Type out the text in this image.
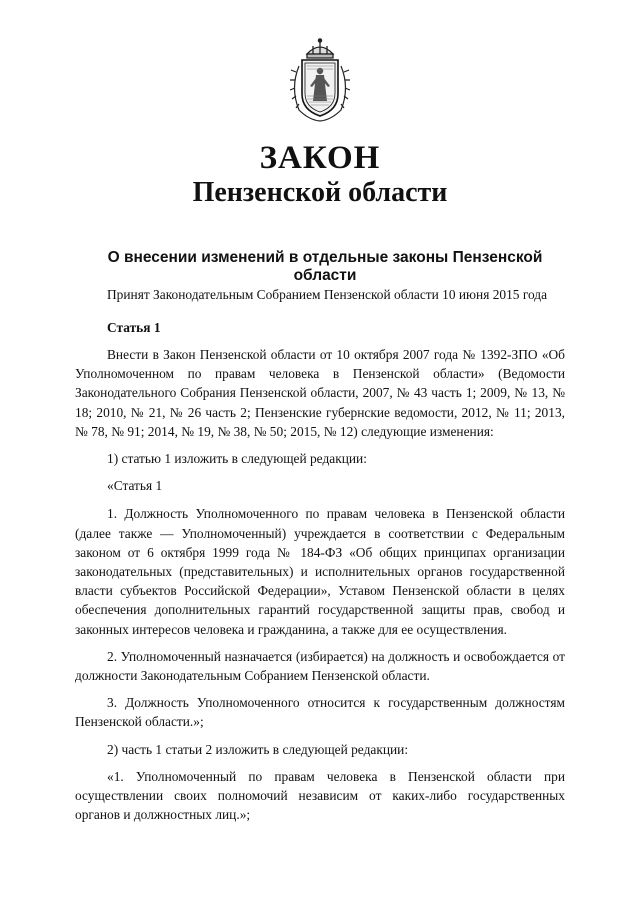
ЗАКОН
Пензенской области
О внесении изменений в отдельные законы Пензенской области
Принят Законодательным Собранием Пензенской области 10 июня 2015 года
Статья 1

Внести в Закон Пензенской области от 10 октября 2007 года № 1392-ЗПО «Об Уполномоченном по правам человека в Пензенской области» (Ведомости Законодательного Собрания Пензенской области, 2007, № 43 часть 1; 2009, № 13, № 18; 2010, № 21, № 26 часть 2; Пензенские губернские ведомости, 2012, № 11; 2013, № 78, № 91; 2014, № 19, № 38, № 50; 2015, № 12) следующие изменения:

1) статью 1 изложить в следующей редакции:

«Статья 1

1. Должность Уполномоченного по правам человека в Пензенской области (далее также — Уполномоченный) учреждается в соответствии с Федеральным законом от 6 октября 1999 года № 184-ФЗ «Об общих принципах организации законодательных (представительных) и исполнительных органов государственной власти субъектов Российской Федерации», Уставом Пензенской области в целях обеспечения дополнительных гарантий государственной защиты прав, свобод и законных интересов человека и гражданина, а также для ее осуществления.

2. Уполномоченный назначается (избирается) на должность и освобождается от должности Законодательным Собранием Пензенской области.

3. Должность Уполномоченного относится к государственным должностям Пензенской области.»;

2) часть 1 статьи 2 изложить в следующей редакции:

«1. Уполномоченный по правам человека в Пензенской области при осуществлении своих полномочий независим от каких-либо государственных органов и должностных лиц.»;
